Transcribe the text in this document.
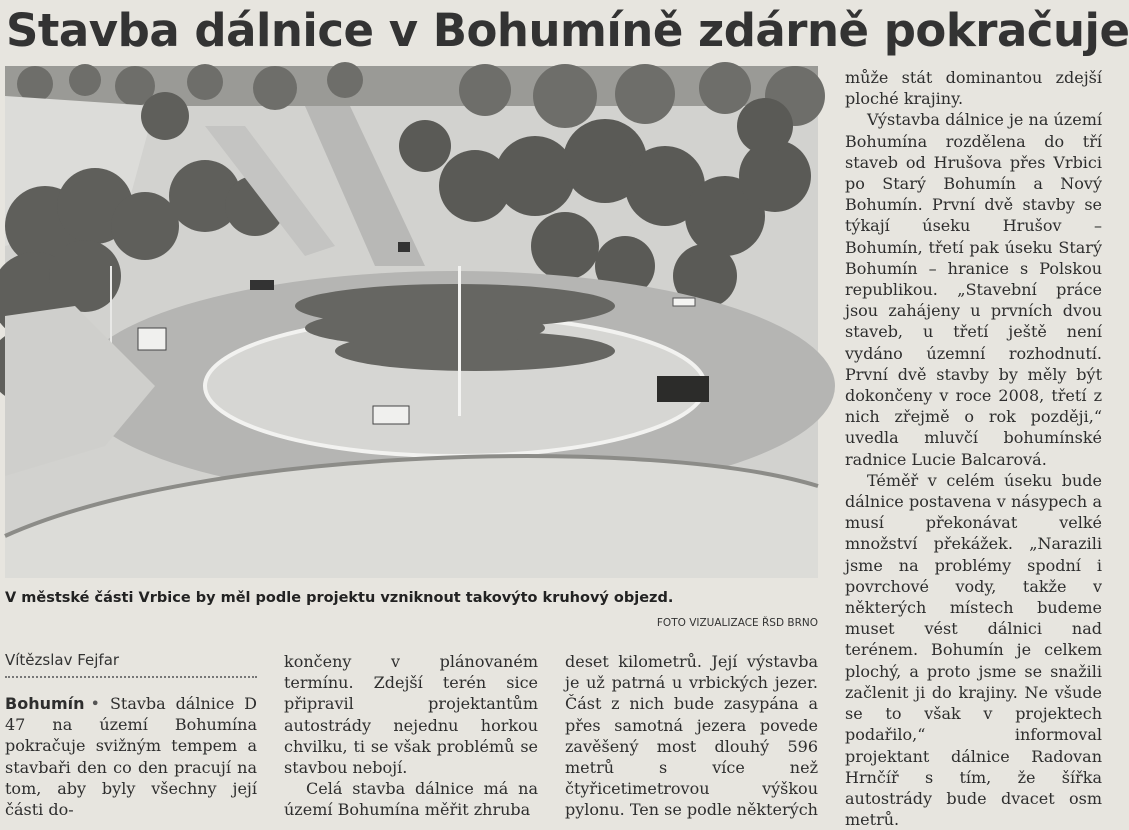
Stavba dálnice v Bohumíně zdárně pokračuje
V městské části Vrbice by měl podle projektu vzniknout takovýto kruhový objezd.
FOTO VIZUALIZACE ŘSD BRNO
Vítězslav Fejfar

Bohumín • Stavba dálnice D 47 na území Bohumína pokračuje svižným tempem a stavbaři den co den pracují na tom, aby byly všechny její části do-

končeny v plánovaném termínu. Zdejší terén sice připravil projektantům autostrády nejednu horkou chvilku, ti se však problémů se stavbou nebojí.

Celá stavba dálnice má na území Bohumína měřit zhruba

deset kilometrů. Její výstavba je už patrná u vrbických jezer. Část z nich bude zasypána a přes samotná jezera povede zavěšený most dlouhý 596 metrů s více než čtyřicetimetrovou výškou pylonu. Ten se podle některých

může stát dominantou zdejší ploché krajiny.

Výstavba dálnice je na území Bohumína rozdělena do tří staveb od Hrušova přes Vrbici po Starý Bohumín a Nový Bohumín. První dvě stavby se týkají úseku Hrušov – Bohumín, třetí pak úseku Starý Bohumín – hranice s Polskou republikou. „Stavební práce jsou zahájeny u prvních dvou staveb, u třetí ještě není vydáno územní rozhodnutí. První dvě stavby by měly být dokončeny v roce 2008, třetí z nich zřejmě o rok později,“ uvedla mluvčí bohumínské radnice Lucie Balcarová.

Téměř v celém úseku bude dálnice postavena v násypech a musí překonávat velké množství překážek. „Narazili jsme na problémy spodní i povrchové vody, takže v některých místech budeme muset vést dálnici nad terénem. Bohumín je celkem plochý, a proto jsme se snažili začlenit ji do krajiny. Ne všude se to však v projektech podařilo,“ informoval projektant dálnice Radovan Hrnčíř s tím, že šířka autostrády bude dvacet osm metrů.
